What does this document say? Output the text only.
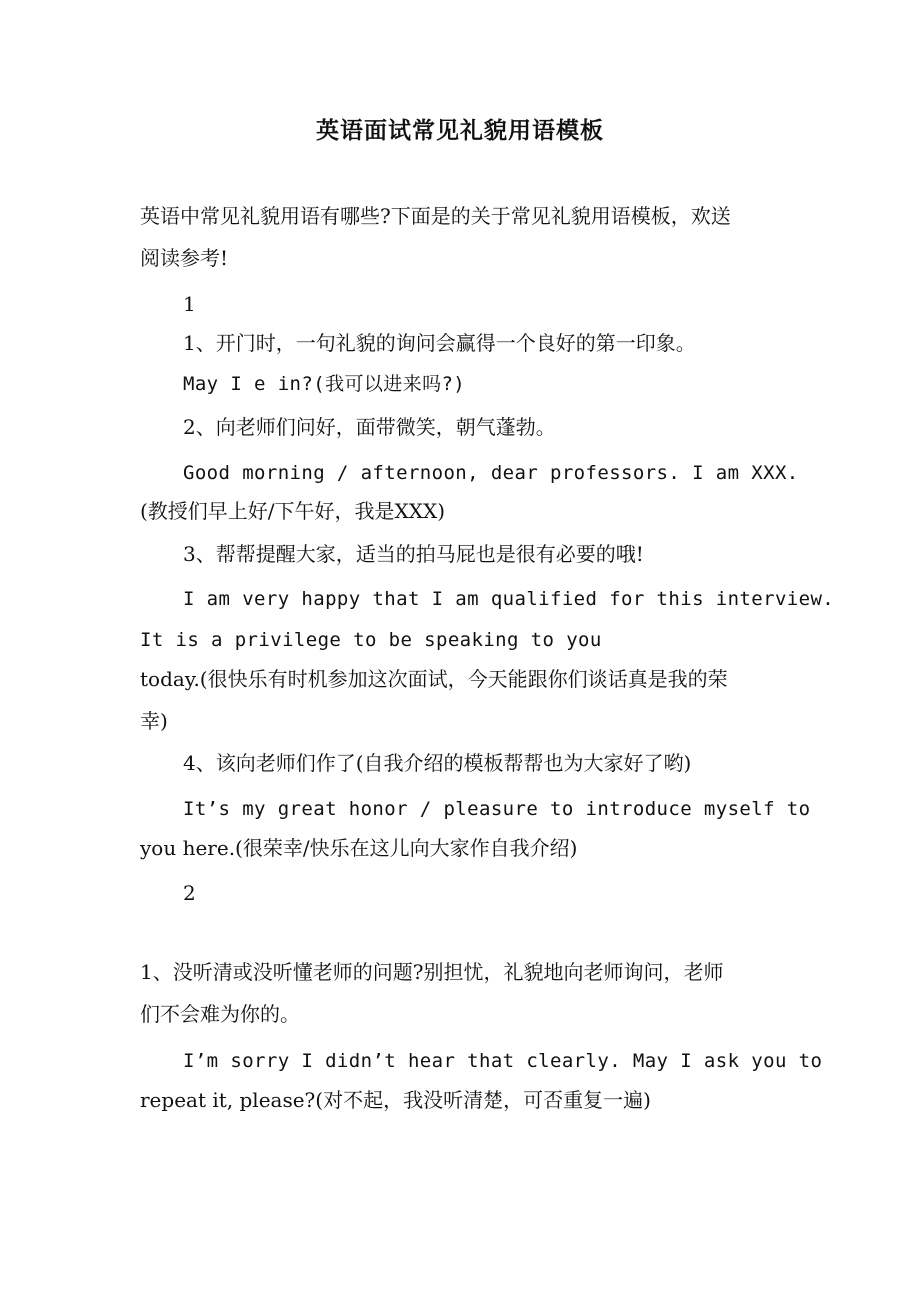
英语面试常见礼貌用语模板
英语中常见礼貌用语有哪些?下面是的关于常见礼貌用语模板，欢送
阅读参考!
1
1、开门时，一句礼貌的询问会赢得一个良好的第一印象。
May I e in?(我可以进来吗?)
2、向老师们问好，面带微笑，朝气蓬勃。
Good morning / afternoon, dear professors. I am XXX.
(教授们早上好/下午好，我是XXX)
3、帮帮提醒大家，适当的拍马屁也是很有必要的哦!
I am very happy that I am qualified for this interview.
It is a privilege to be speaking to you
today.(很快乐有时机参加这次面试，今天能跟你们谈话真是我的荣
幸)
4、该向老师们作了(自我介绍的模板帮帮也为大家好了哟)
It’s my great honor / pleasure to introduce myself to
you here.(很荣幸/快乐在这儿向大家作自我介绍)
2
1、没听清或没听懂老师的问题?别担忧，礼貌地向老师询问，老师
们不会难为你的。
I’m sorry I didn’t hear that clearly. May I ask you to
repeat it, please?(对不起，我没听清楚，可否重复一遍)
